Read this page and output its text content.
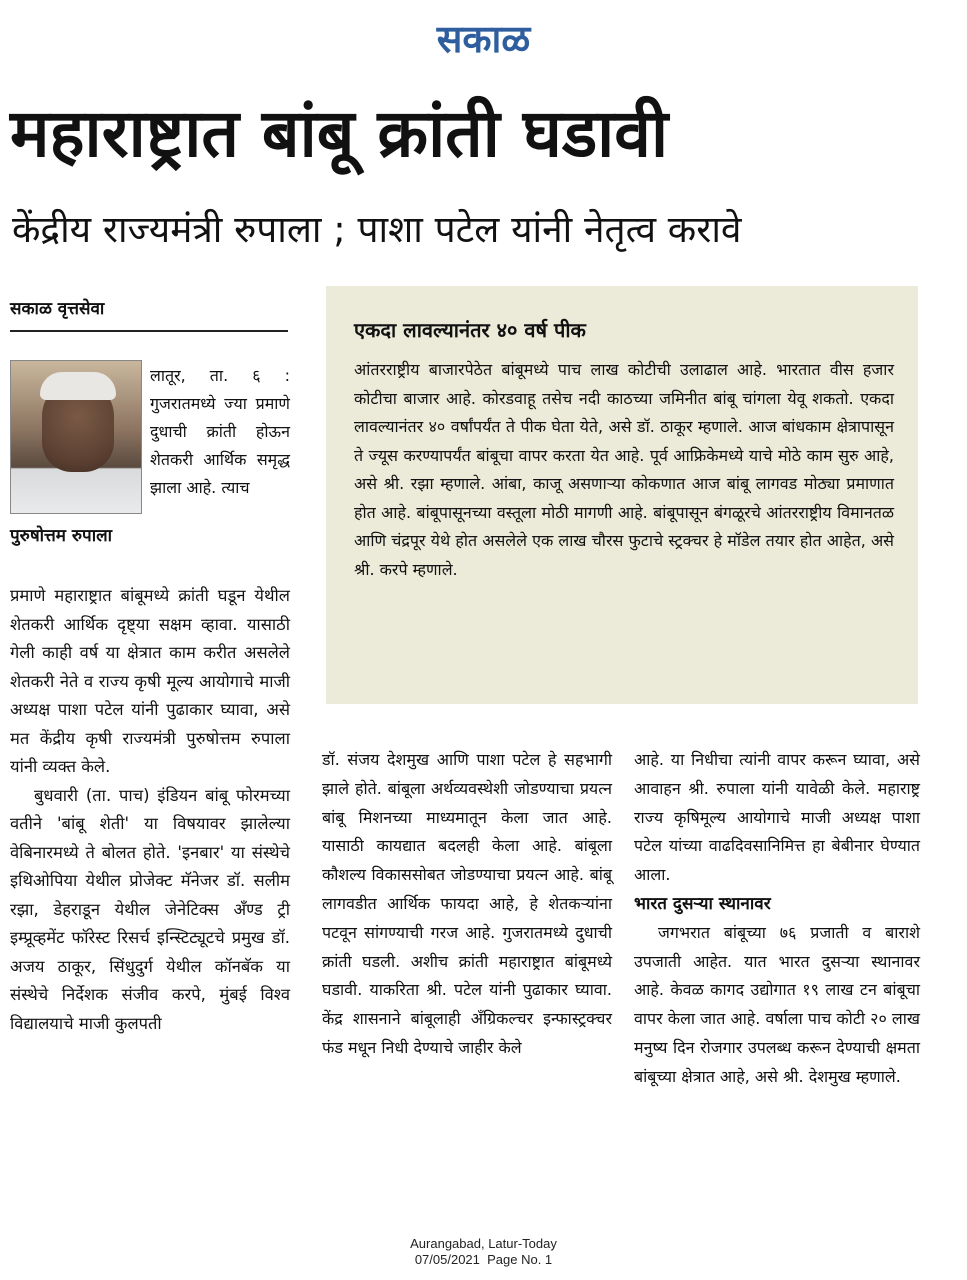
सकाळ
महाराष्ट्रात बांबू क्रांती घडावी
केंद्रीय राज्यमंत्री रुपाला ; पाशा पटेल यांनी नेतृत्व करावे
सकाळ वृत्तसेवा
पुरुषोत्तम रुपाला
लातूर, ता. ६ : गुजरातमध्ये ज्या प्रमाणे दुधाची क्रांती होऊन शेतकरी आर्थिक समृद्ध झाला आहे. त्याच

प्रमाणे महाराष्ट्रात बांबूमध्ये क्रांती घडून येथील शेतकरी आर्थिक दृष्ट्या सक्षम व्हावा. यासाठी गेली काही वर्ष या क्षेत्रात काम करीत असलेले शेतकरी नेते व राज्य कृषी मूल्य आयोगाचे माजी अध्यक्ष पाशा पटेल यांनी पुढाकार घ्यावा, असे मत केंद्रीय कृषी राज्यमंत्री पुरुषोत्तम रुपाला यांनी व्यक्त केले.

बुधवारी (ता. पाच) इंडियन बांबू फोरमच्या वतीने 'बांबू शेती' या विषयावर झालेल्या वेबिनारमध्ये ते बोलत होते. 'इनबार' या संस्थेचे इथिओपिया येथील प्रोजेक्ट मॅनेजर डॉ. सलीम रझा, डेहराडून येथील जेनेटिक्स अँण्ड ट्री इम्प्रूव्हमेंट फॉरेस्ट रिसर्च इन्स्टिट्यूटचे प्रमुख डॉ. अजय ठाकूर, सिंधुदुर्ग येथील कॉनबॅक या संस्थेचे निर्देशक संजीव करपे, मुंबई विश्व विद्यालयाचे माजी कुलपती

एकदा लावल्यानंतर ४० वर्ष पीक
आंतरराष्ट्रीय बाजारपेठेत बांबूमध्ये पाच लाख कोटीची उलाढाल आहे. भारतात वीस हजार कोटीचा बाजार आहे. कोरडवाहू तसेच नदी काठच्या जमिनीत बांबू चांगला येवू शकतो. एकदा लावल्यानंतर ४० वर्षांपर्यंत ते पीक घेता येते, असे डॉ. ठाकूर म्हणाले. आज बांधकाम क्षेत्रापासून ते ज्यूस करण्यापर्यंत बांबूचा वापर करता येत आहे. पूर्व आफ्रिकेमध्ये याचे मोठे काम सुरु आहे, असे श्री. रझा म्हणाले. आंबा, काजू असणाऱ्या कोकणात आज बांबू लागवड मोठ्या प्रमाणात होत आहे. बांबूपासूनच्या वस्तूला मोठी मागणी आहे. बांबूपासून बंगळूरचे आंतरराष्ट्रीय विमानतळ आणि चंद्रपूर येथे होत असलेले एक लाख चौरस फुटाचे स्ट्रक्चर हे मॉडेल तयार होत आहेत, असे श्री. करपे म्हणाले.

डॉ. संजय देशमुख आणि पाशा पटेल हे सहभागी झाले होते. बांबूला अर्थव्यवस्थेशी जोडण्याचा प्रयत्न बांबू मिशनच्या माध्यमातून केला जात आहे. यासाठी कायद्यात बदलही केला आहे. बांबूला कौशल्य विकाससोबत जोडण्याचा प्रयत्न आहे. बांबू लागवडीत आर्थिक फायदा आहे, हे शेतकऱ्यांना पटवून सांगण्याची गरज आहे. गुजरातमध्ये दुधाची क्रांती घडली. अशीच क्रांती महाराष्ट्रात बांबूमध्ये घडावी. याकरिता श्री. पटेल यांनी पुढाकार घ्यावा. केंद्र शासनाने बांबूलाही अँग्रिकल्चर इन्फास्ट्रक्चर फंड मधून निधी देण्याचे जाहीर केले

आहे. या निधीचा त्यांनी वापर करून घ्यावा, असे आवाहन श्री. रुपाला यांनी यावेळी केले. महाराष्ट्र राज्य कृषिमूल्य आयोगाचे माजी अध्यक्ष पाशा पटेल यांच्या वाढदिवसानिमित्त हा बेबीनार घेण्यात आला.

भारत दुसऱ्या स्थानावर

जगभरात बांबूच्या ७६ प्रजाती व बाराशे उपजाती आहेत. यात भारत दुसऱ्या स्थानावर आहे. केवळ कागद उद्योगात १९ लाख टन बांबूचा वापर केला जात आहे. वर्षाला पाच कोटी २० लाख मनुष्य दिन रोजगार उपलब्ध करून देण्याची क्षमता बांबूच्या क्षेत्रात आहे, असे श्री. देशमुख म्हणाले.

Aurangabad, Latur-Today
07/05/2021  Page No. 1
